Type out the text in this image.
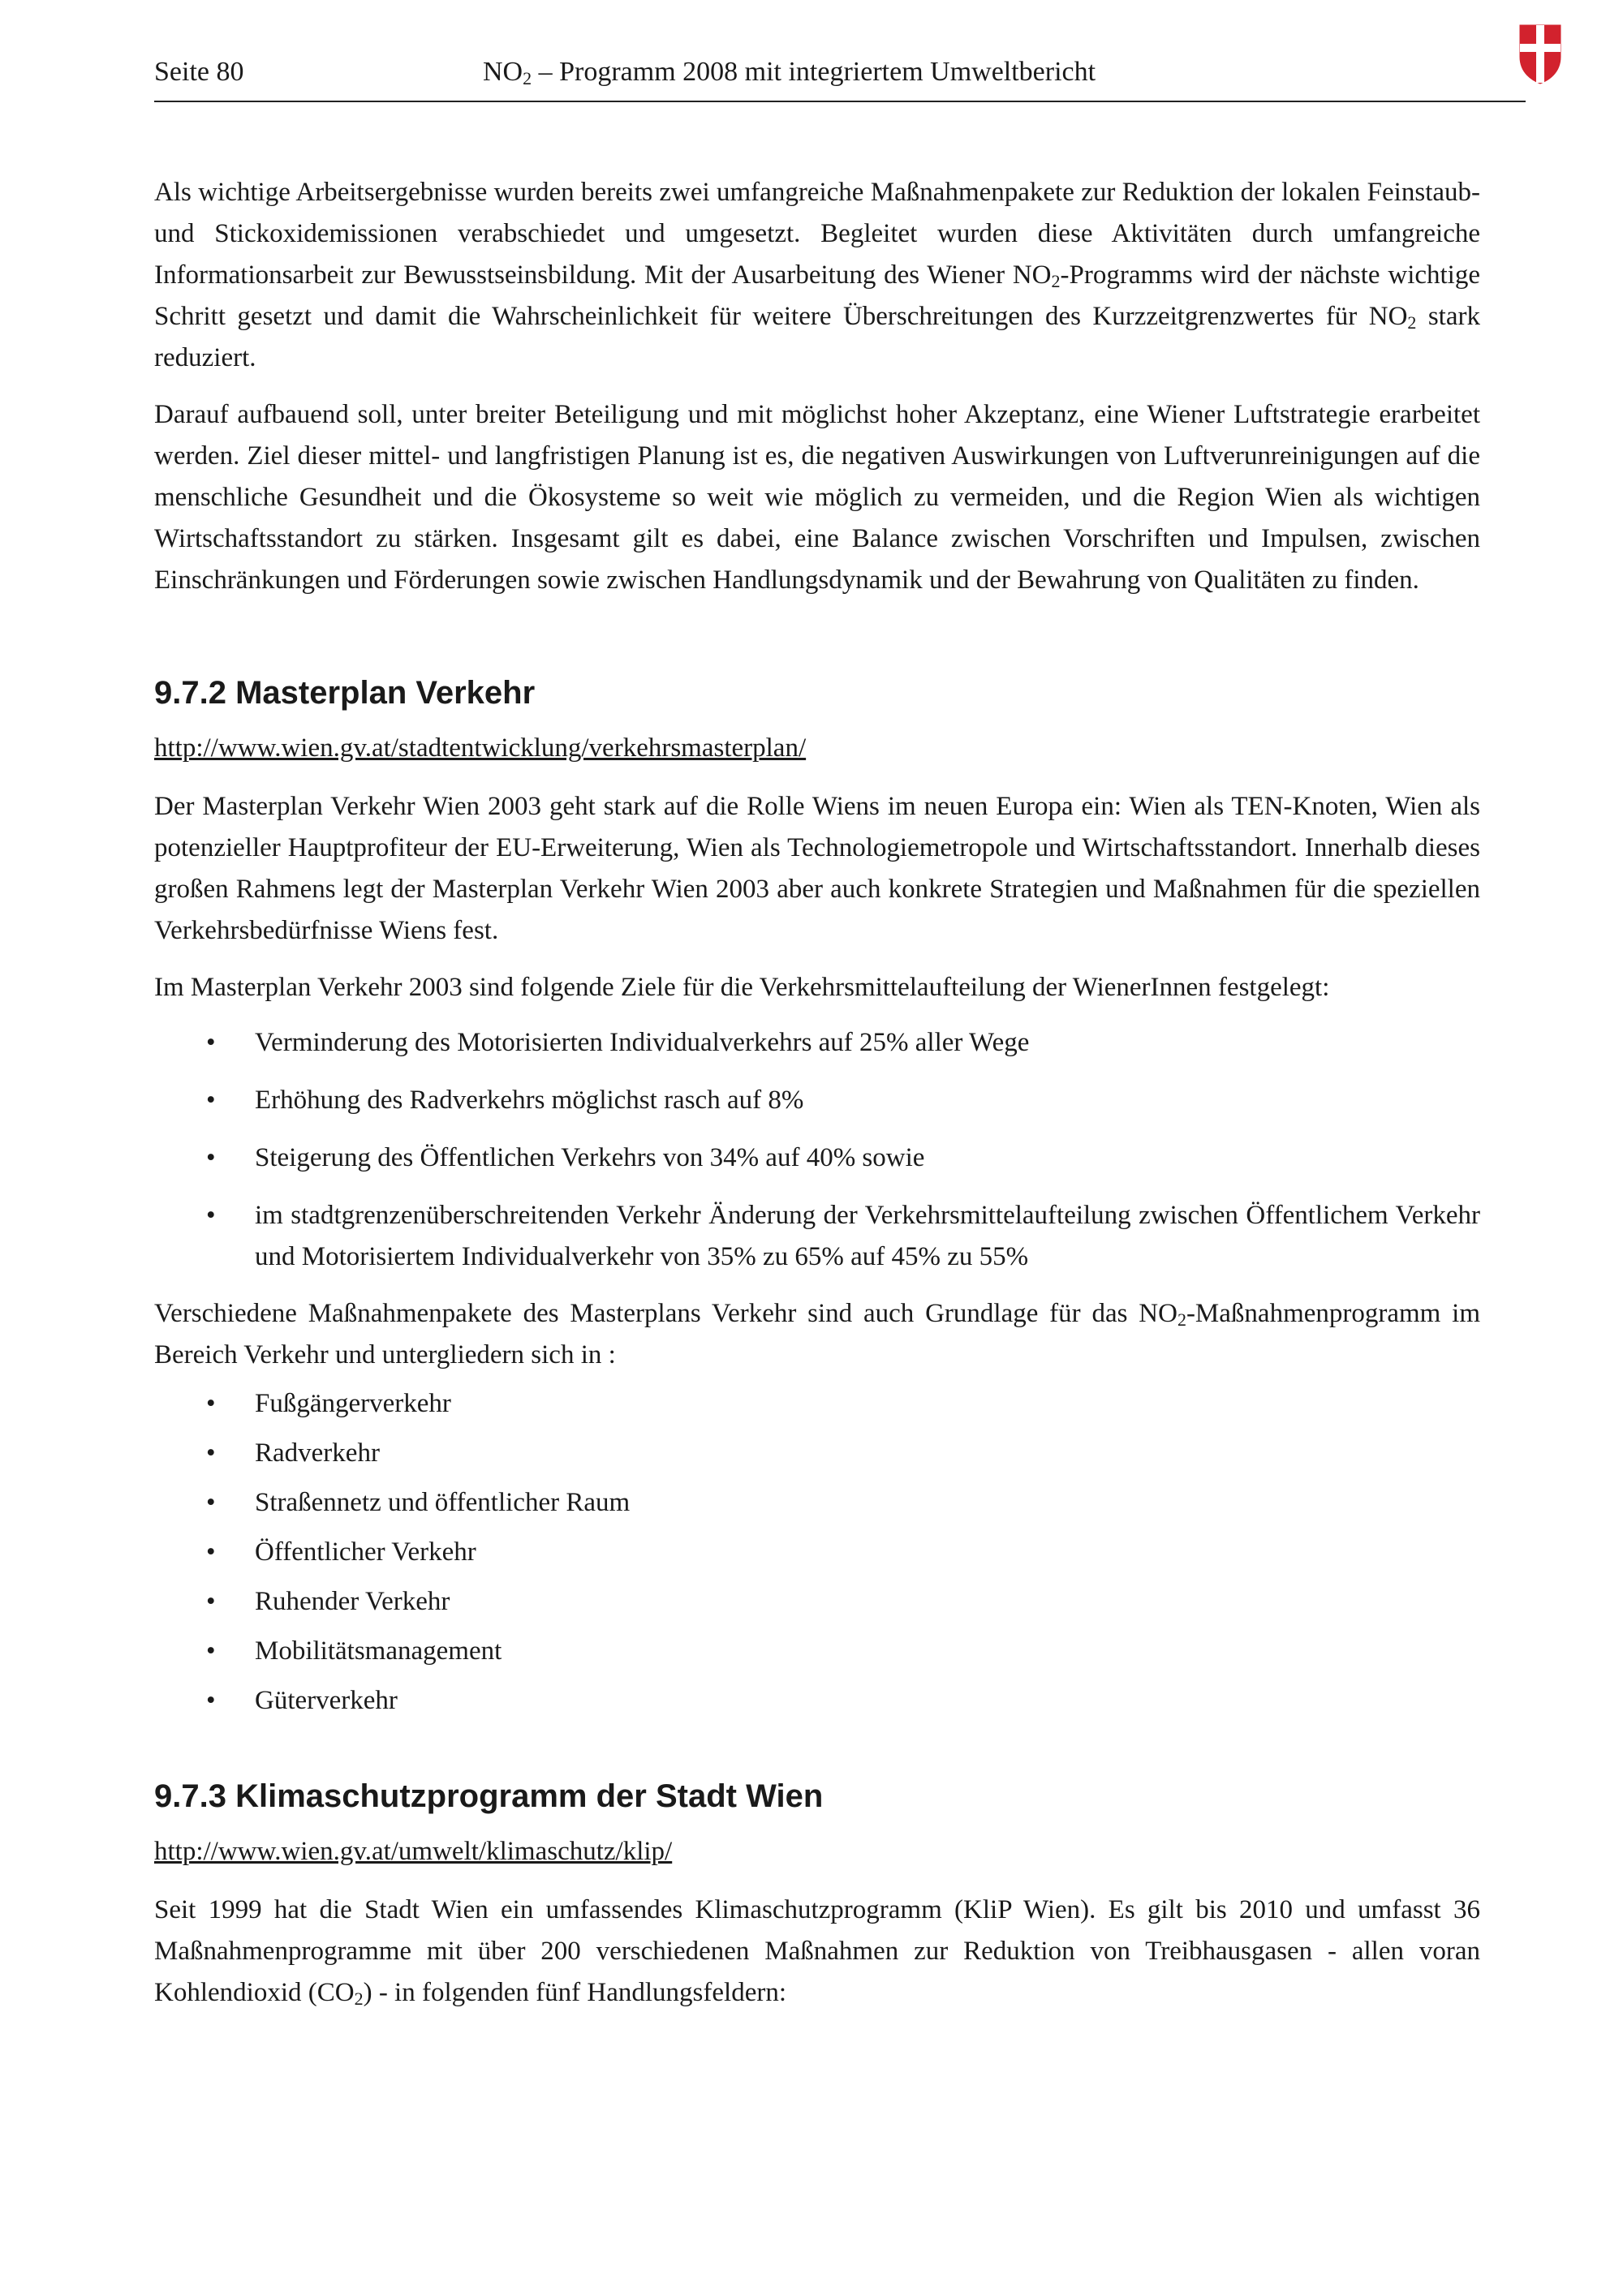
Seite 80	$NO_2$ – Programm 2008 mit integriertem Umweltbericht

Als wichtige Arbeitsergebnisse wurden bereits zwei umfangreiche Maßnahmenpakete zur Reduktion der lokalen Feinstaub- und Stickoxidemissionen verabschiedet und umgesetzt. Begleitet wurden diese Aktivitäten durch umfangreiche Informationsarbeit zur Bewusstseinsbildung. Mit der Ausarbeitung des Wiener $NO_2$-Programms wird der nächste wichtige Schritt gesetzt und damit die Wahrscheinlichkeit für weitere Überschreitungen des Kurzzeitgrenzwertes für $NO_2$ stark reduziert.

Darauf aufbauend soll, unter breiter Beteiligung und mit möglichst hoher Akzeptanz, eine Wiener Luftstrategie erarbeitet werden. Ziel dieser mittel- und langfristigen Planung ist es, die negativen Auswirkungen von Luftverunreinigungen auf die menschliche Gesundheit und die Ökosysteme so weit wie möglich zu vermeiden, und die Region Wien als wichtigen Wirtschaftsstandort zu stärken. Insgesamt gilt es dabei, eine Balance zwischen Vorschriften und Impulsen, zwischen Einschränkungen und Förderungen sowie zwischen Handlungsdynamik und der Bewahrung von Qualitäten zu finden.

9.7.2 Masterplan Verkehr
http://www.wien.gv.at/stadtentwicklung/verkehrsmasterplan/

Der Masterplan Verkehr Wien 2003 geht stark auf die Rolle Wiens im neuen Europa ein: Wien als TEN-Knoten, Wien als potenzieller Hauptprofiteur der EU-Erweiterung, Wien als Technologiemetropole und Wirtschaftsstandort. Innerhalb dieses großen Rahmens legt der Masterplan Verkehr Wien 2003 aber auch konkrete Strategien und Maßnahmen für die speziellen Verkehrsbedürfnisse Wiens fest.

Im Masterplan Verkehr 2003 sind folgende Ziele für die Verkehrsmittelaufteilung der WienerInnen festgelegt:

• Verminderung des Motorisierten Individualverkehrs auf 25% aller Wege
• Erhöhung des Radverkehrs möglichst rasch auf 8%
• Steigerung des Öffentlichen Verkehrs von 34% auf 40% sowie
• im stadtgrenzenüberschreitenden Verkehr Änderung der Verkehrsmittelaufteilung zwischen Öffentlichem Verkehr und Motorisiertem Individualverkehr von 35% zu 65% auf 45% zu 55%

Verschiedene Maßnahmenpakete des Masterplans Verkehr sind auch Grundlage für das $NO_2$-Maßnahmenprogramm im Bereich Verkehr und untergliedern sich in :

• Fußgängerverkehr
• Radverkehr
• Straßennetz und öffentlicher Raum
• Öffentlicher Verkehr
• Ruhender Verkehr
• Mobilitätsmanagement
• Güterverkehr
9.7.3 Klimaschutzprogramm der Stadt Wien
http://www.wien.gv.at/umwelt/klimaschutz/klip/

Seit 1999 hat die Stadt Wien ein umfassendes Klimaschutzprogramm (KliP Wien). Es gilt bis 2010 und umfasst 36 Maßnahmenprogramme mit über 200 verschiedenen Maßnahmen zur Reduktion von Treibhausgasen - allen voran Kohlendioxid $(CO_2)$ - in folgenden fünf Handlungsfeldern:
